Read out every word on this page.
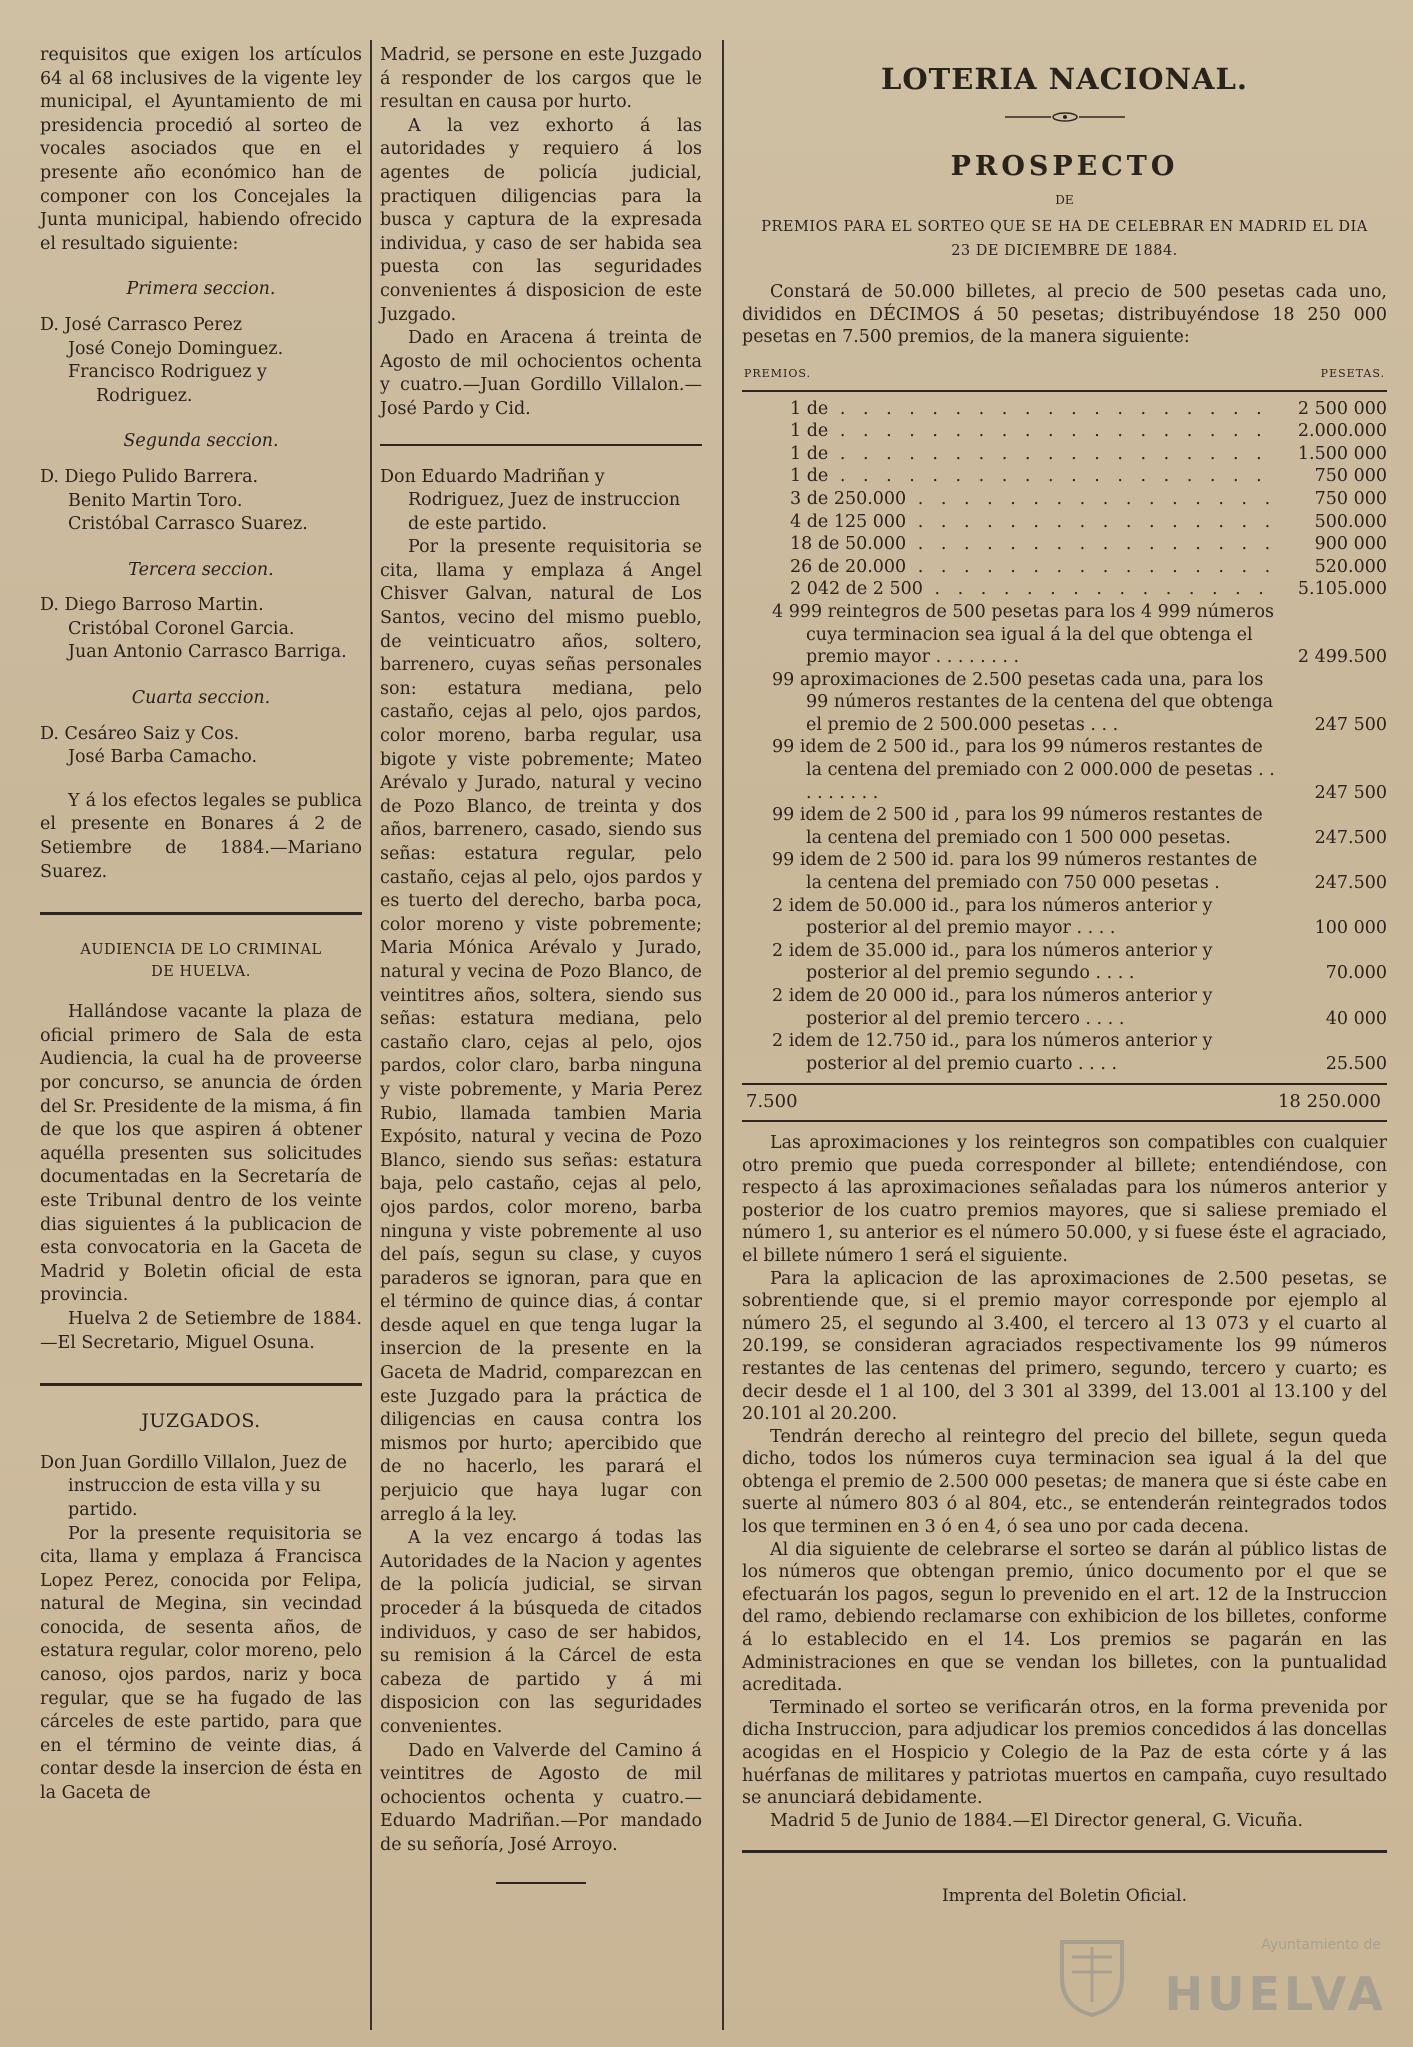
requisitos que exigen los artículos 64 al 68 inclusives de la vigente ley municipal, el Ayuntamiento de mi presidencia procedió al sorteo de vocales asociados que en el presente año económico han de componer con los Concejales la Junta municipal, habiendo ofrecido el resultado siguiente:

Primera seccion.
D. José Carrasco Perez
José Conejo Dominguez.
Francisco Rodriguez y Rodriguez.
Segunda seccion.
D. Diego Pulido Barrera.
Benito Martin Toro.
Cristóbal Carrasco Suarez.
Tercera seccion.
D. Diego Barroso Martin.
Cristóbal Coronel Garcia.
Juan Antonio Carrasco Barriga.
Cuarta seccion.
D. Cesáreo Saiz y Cos.
José Barba Camacho.

Y á los efectos legales se publica el presente en Bonares á 2 de Setiembre de 1884.—Mariano Suarez.

AUDIENCIA DE LO CRIMINAL
DE HUELVA.

Hallándose vacante la plaza de oficial primero de Sala de esta Audiencia, la cual ha de proveerse por concurso, se anuncia de órden del Sr. Presidente de la misma, á fin de que los que aspiren á obtener aquélla presenten sus solicitudes documentadas en la Secretaría de este Tribunal dentro de los veinte dias siguientes á la publicacion de esta convocatoria en la Gaceta de Madrid y Boletin oficial de esta provincia.

Huelva 2 de Setiembre de 1884.—El Secretario, Miguel Osuna.

JUZGADOS.

Don Juan Gordillo Villalon, Juez de instruccion de esta villa y su partido.

Por la presente requisitoria se cita, llama y emplaza á Francisca Lopez Perez, conocida por Felipa, natural de Megina, sin vecindad conocida, de sesenta años, de estatura regular, color moreno, pelo canoso, ojos pardos, nariz y boca regular, que se ha fugado de las cárceles de este partido, para que en el término de veinte dias, á contar desde la insercion de ésta en la Gaceta de

Madrid, se persone en este Juzgado á responder de los cargos que le resultan en causa por hurto.

A la vez exhorto á las autoridades y requiero á los agentes de policía judicial, practiquen diligencias para la busca y captura de la expresada individua, y caso de ser habida sea puesta con las seguridades convenientes á disposicion de este Juzgado.

Dado en Aracena á treinta de Agosto de mil ochocientos ochenta y cuatro.—Juan Gordillo Villalon.—José Pardo y Cid.

Don Eduardo Madriñan y Rodriguez, Juez de instruccion de este partido.

Por la presente requisitoria se cita, llama y emplaza á Angel Chisver Galvan, natural de Los Santos, vecino del mismo pueblo, de veinticuatro años, soltero, barrenero, cuyas señas personales son: estatura mediana, pelo castaño, cejas al pelo, ojos pardos, color moreno, barba regular, usa bigote y viste pobremente; Mateo Arévalo y Jurado, natural y vecino de Pozo Blanco, de treinta y dos años, barrenero, casado, siendo sus señas: estatura regular, pelo castaño, cejas al pelo, ojos pardos y es tuerto del derecho, barba poca, color moreno y viste pobremente; Maria Mónica Arévalo y Jurado, natural y vecina de Pozo Blanco, de veintitres años, soltera, siendo sus señas: estatura mediana, pelo castaño claro, cejas al pelo, ojos pardos, color claro, barba ninguna y viste pobremente, y Maria Perez Rubio, llamada tambien Maria Expósito, natural y vecina de Pozo Blanco, siendo sus señas: estatura baja, pelo castaño, cejas al pelo, ojos pardos, color moreno, barba ninguna y viste pobremente al uso del país, segun su clase, y cuyos paraderos se ignoran, para que en el término de quince dias, á contar desde aquel en que tenga lugar la insercion de la presente en la Gaceta de Madrid, comparezcan en este Juzgado para la práctica de diligencias en causa contra los mismos por hurto; apercibido que de no hacerlo, les parará el perjuicio que haya lugar con arreglo á la ley.

A la vez encargo á todas las Autoridades de la Nacion y agentes de la policía judicial, se sirvan proceder á la búsqueda de citados individuos, y caso de ser habidos, su remision á la Cárcel de esta cabeza de partido y á mi disposicion con las seguridades convenientes.

Dado en Valverde del Camino á veintitres de Agosto de mil ochocientos ochenta y cuatro.—Eduardo Madriñan.—Por mandado de su señoría, José Arroyo.

LOTERIA NACIONAL.
PROSPECTO
DE
PREMIOS PARA EL SORTEO QUE SE HA DE CELEBRAR EN MADRID EL DIA
23 DE DICIEMBRE DE 1884.

Constará de 50.000 billetes, al precio de 500 pesetas cada uno, divididos en DÉCIMOS á 50 pesetas; distribuyéndose 18 250 000 pesetas en 7.500 premios, de la manera siguiente:

PREMIOS.	PESETAS.
1 de . .	2 500 000
1 de . .	2.000.000
1 de . .	1.500 000
1 de . .	750 000
3 de 250.000 . .	750 000
4 de 125 000 . .	500.000
18 de 50.000 . .	900 000
26 de 20.000 . .	520.000
2 042 de 2 500 . .	5.105.000
4 999 reintegros de 500 pesetas para los 4 999 números cuya terminacion sea igual á la del que obtenga el premio mayor . . . . . . . .	2 499.500
99 aproximaciones de 2.500 pesetas cada una, para los 99 números restantes de la centena del que obtenga el premio de 2 500.000 pesetas . . .	247 500
99 idem de 2 500 id., para los 99 números restantes de la centena del premiado con 2 000.000 de pesetas . . . . . . . . .	247 500
99 idem de 2 500 id , para los 99 números restantes de la centena del premiado con 1 500 000 pesetas.	247.500
99 idem de 2 500 id. para los 99 números restantes de la centena del premiado con 750 000 pesetas .	247.500
2 idem de 50.000 id., para los números anterior y posterior al del premio mayor . . . .	100 000
2 idem de 35.000 id., para los números anterior y posterior al del premio segundo . . . .	70.000
2 idem de 20 000 id., para los números anterior y posterior al del premio tercero . . . .	40 000
2 idem de 12.750 id., para los números anterior y posterior al del premio cuarto . . . .	25.500
7.500	18 250.000

Las aproximaciones y los reintegros son compatibles con cualquier otro premio que pueda corresponder al billete; entendiéndose, con respecto á las aproximaciones señaladas para los números anterior y posterior de los cuatro premios mayores, que si saliese premiado el número 1, su anterior es el número 50.000, y si fuese éste el agraciado, el billete número 1 será el siguiente.

Para la aplicacion de las aproximaciones de 2.500 pesetas, se sobrentiende que, si el premio mayor corresponde por ejemplo al número 25, el segundo al 3.400, el tercero al 13 073 y el cuarto al 20.199, se consideran agraciados respectivamente los 99 números restantes de las centenas del primero, segundo, tercero y cuarto; es decir desde el 1 al 100, del 3 301 al 3399, del 13.001 al 13.100 y del 20.101 al 20.200.

Tendrán derecho al reintegro del precio del billete, segun queda dicho, todos los números cuya terminacion sea igual á la del que obtenga el premio de 2.500 000 pesetas; de manera que si éste cabe en suerte al número 803 ó al 804, etc., se entenderán reintegrados todos los que terminen en 3 ó en 4, ó sea uno por cada decena.

Al dia siguiente de celebrarse el sorteo se darán al público listas de los números que obtengan premio, único documento por el que se efectuarán los pagos, segun lo prevenido en el art. 12 de la Instruccion del ramo, debiendo reclamarse con exhibicion de los billetes, conforme á lo establecido en el 14. Los premios se pagarán en las Administraciones en que se vendan los billetes, con la puntualidad acreditada.

Terminado el sorteo se verificarán otros, en la forma prevenida por dicha Instruccion, para adjudicar los premios concedidos á las doncellas acogidas en el Hospicio y Colegio de la Paz de esta córte y á las huérfanas de militares y patriotas muertos en campaña, cuyo resultado se anunciará debidamente.

Madrid 5 de Junio de 1884.—El Director general, G. Vicuña.

Imprenta del Boletin Oficial.
Ayuntamiento de
HUELVA
